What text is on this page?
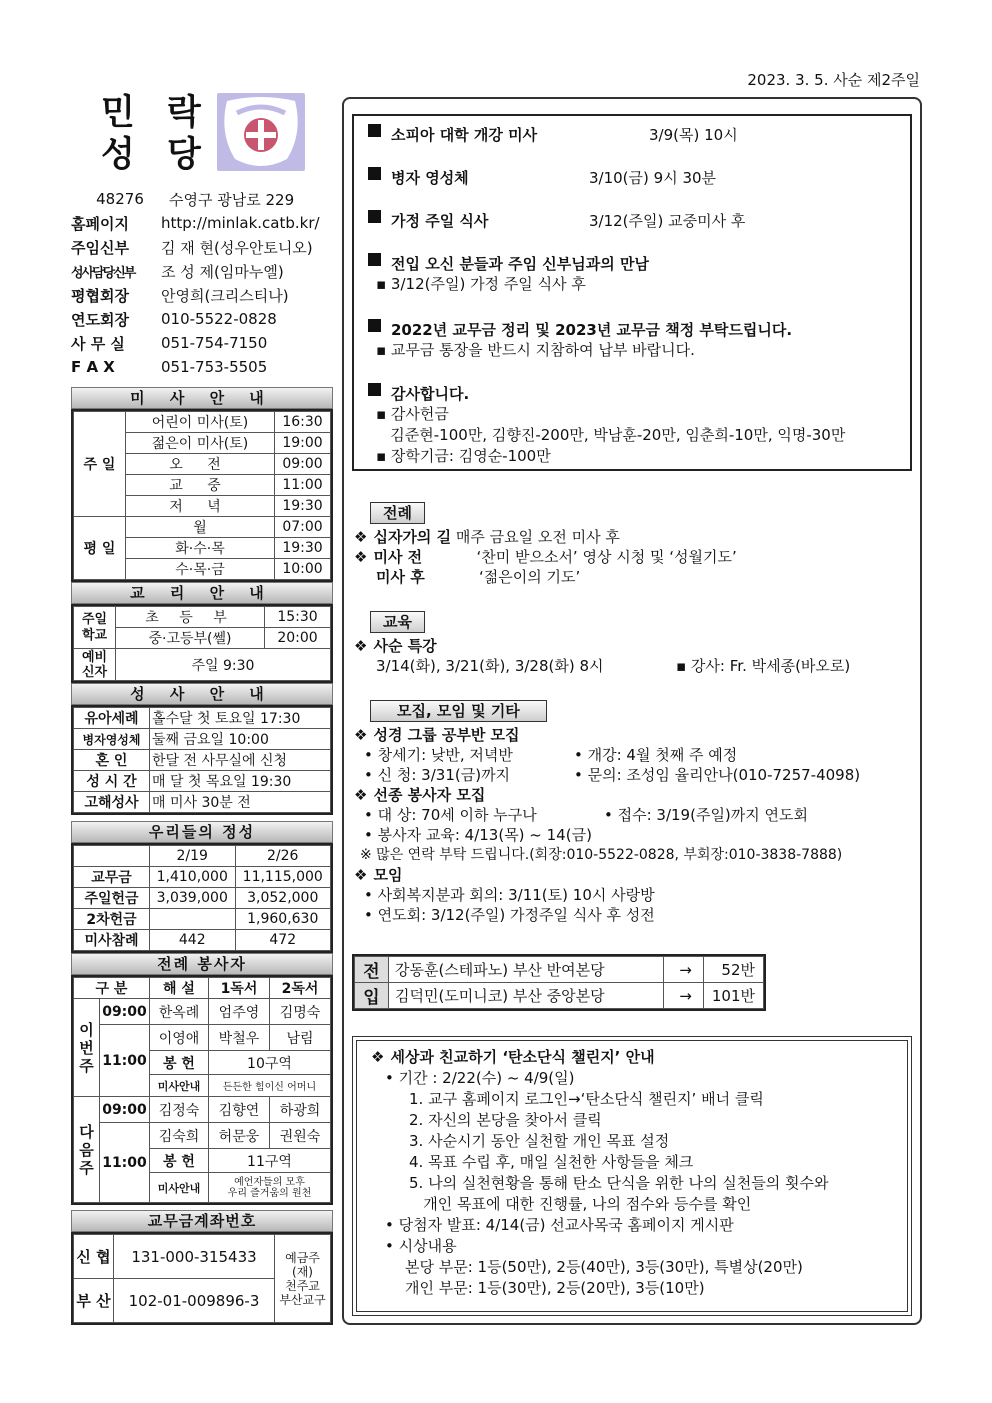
2023. 3. 5. 사순 제2주일
민 락
성 당
48276	수영구 광남로 229
홈페이지	http://minlak.catb.kr/
주임신부	김 재 현(성우안토니오)
성사담당신부	조 성 제(임마누엘)
평협회장	안영희(크리스티나)
연도회장	010-5522-0828
사 무 실	051-754-7150
F A X	051-753-5505
미 사 안 내
주 일	어린이 미사(토)	16:30
	젊은이 미사(토)	19:00
	오 전	09:00
	교 중	11:00
	저 녁	19:30
평 일	월	07:00
	화·수·목	19:30
	수·목·금	10:00
교 리 안 내
주일 학교	초 등 부	15:30
	중·고등부(쎌)	20:00
예비 신자	주일 9:30	
성 사 안 내
유아세례	홀수달 첫 토요일 17:30
병자영성체	둘째 금요일 10:00
혼 인	한달 전 사무실에 신청
성 시 간	매 달 첫 목요일 19:30
고해성사	매 미사 30분 전
우리들의 정성
	2/19	2/26
교무금	1,410,000	11,115,000
주일헌금	3,039,000	3,052,000
2차헌금		1,960,630
미사참례	442	472
전례 봉사자
구 분		해 설	1독서	2독서
이번주	09:00	한옥례	엄주영	김명숙
	11:00	이영애	박철우	남림
		봉 헌	10구역	
		미사안내	든든한 힘이신 어머니	
다음주	09:00	김정숙	김향연	하광희
	11:00	김숙희	허문웅	권원숙
		봉 헌	11구역	
		미사안내	예언자들의 모후
우리 즐거움의 원천	
교무금계좌번호
신 협	131-000-315433	예금주
(재)
천주교
부산교구

부 산	102-01-009896-3	
소피아 대학 개강 미사	3/9(목) 10시
병자 영성체	3/10(금) 9시 30분
가정 주일 식사	3/12(주일) 교중미사 후
전입 오신 분들과 주임 신부님과의 만남
▪ 3/12(주일) 가정 주일 식사 후
2022년 교무금 정리 및 2023년 교무금 책정 부탁드립니다.
▪ 교무금 통장을 반드시 지참하여 납부 바랍니다.
감사합니다.
▪ 감사헌금
김준현-100만, 김향진-200만, 박남훈-20만, 임춘희-10만, 익명-30만
▪ 장학기금: 김영순-100만
전례
❖ 십자가의 길 매주 금요일 오전 미사 후
❖ 미사 전	‘찬미 받으소서’ 영상 시청 및 ‘성월기도’
미사 후	‘젊은이의 기도’
교육
❖ 사순 특강
3/14(화), 3/21(화), 3/28(화) 8시	▪ 강사: Fr. 박세종(바오로)
모집, 모임 및 기타
❖ 성경 그룹 공부반 모집
• 창세기: 낮반, 저녁반	• 개강: 4월 첫째 주 예정
• 신 청: 3/31(금)까지	• 문의: 조성임 율리안나(010-7257-4098)
❖ 선종 봉사자 모집
• 대 상: 70세 이하 누구나	• 접수: 3/19(주일)까지 연도회
• 봉사자 교육: 4/13(목) ~ 14(금)
※ 많은 연락 부탁 드립니다.(회장:010-5522-0828, 부회장:010-3838-7888)
❖ 모임
• 사회복지분과 회의: 3/11(토) 10시 사랑방
• 연도회: 3/12(주일) 가정주일 식사 후 성전
전	강동훈(스테파노) 부산 반여본당	→	52반
입	김덕민(도미니코) 부산 중앙본당	→	101반
❖ 세상과 친교하기 ‘탄소단식 챌린지’ 안내
• 기간 : 2/22(수) ~ 4/9(일)
1. 교구 홈페이지 로그인→‘탄소단식 챌린지’ 배너 클릭
2. 자신의 본당을 찾아서 클릭
3. 사순시기 동안 실천할 개인 목표 설정
4. 목표 수립 후, 매일 실천한 사항들을 체크
5. 나의 실천현황을 통해 탄소 단식을 위한 나의 실천들의 횟수와
개인 목표에 대한 진행률, 나의 점수와 등수를 확인
• 당첨자 발표: 4/14(금) 선교사목국 홈페이지 게시판
• 시상내용
본당 부문: 1등(50만), 2등(40만), 3등(30만), 특별상(20만)
개인 부문: 1등(30만), 2등(20만), 3등(10만)
